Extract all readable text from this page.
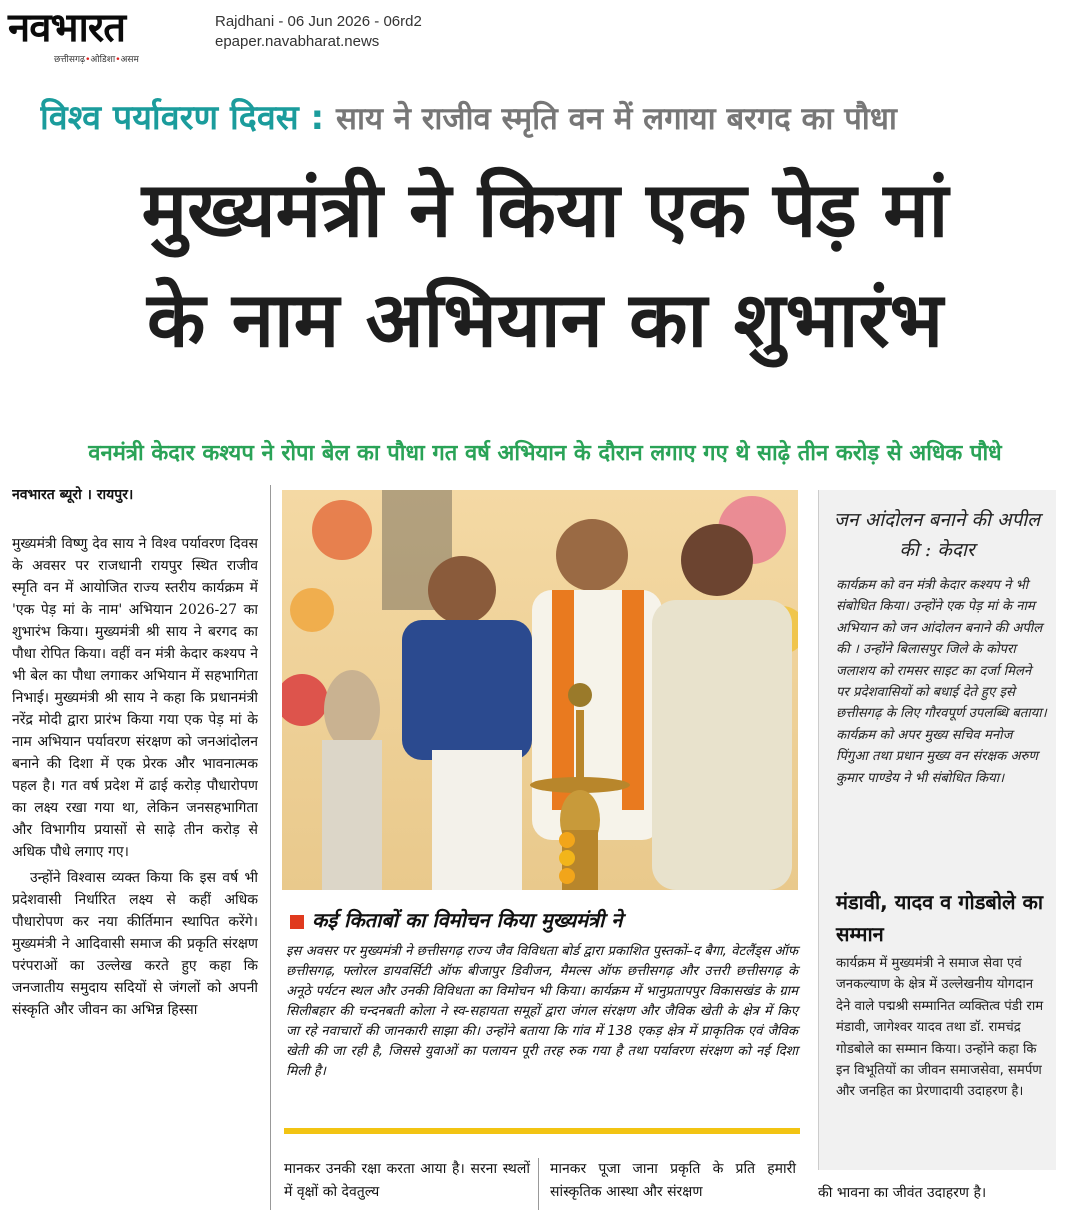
नवभारत
छत्तीसगढ़•ओडिशा•असम
Rajdhani - 06 Jun 2026 - 06rd2
epaper.navabharat.news
विश्व पर्यावरण दिवस : साय ने राजीव स्मृति वन में लगाया बरगद का पौधा
मुख्यमंत्री ने किया एक पेड़ मां
के नाम अभियान का शुभारंभ
वनमंत्री केदार कश्यप ने रोपा बेल का पौधा गत वर्ष अभियान के दौरान लगाए गए थे साढ़े तीन करोड़ से अधिक पौधे
नवभारत ब्यूरो । रायपुर।

मुख्यमंत्री विष्णु देव साय ने विश्व पर्यावरण दिवस के अवसर पर राजधानी रायपुर स्थित राजीव स्मृति वन में आयोजित राज्य स्तरीय कार्यक्रम में 'एक पेड़ मां के नाम' अभियान 2026-27 का शुभारंभ किया। मुख्यमंत्री श्री साय ने बरगद का पौधा रोपित किया। वहीं वन मंत्री केदार कश्यप ने भी बेल का पौधा लगाकर अभियान में सहभागिता निभाई। मुख्यमंत्री श्री साय ने कहा कि प्रधानमंत्री नरेंद्र मोदी द्वारा प्रारंभ किया गया एक पेड़ मां के नाम अभियान पर्यावरण संरक्षण को जनआंदोलन बनाने की दिशा में एक प्रेरक और भावनात्मक पहल है। गत वर्ष प्रदेश में ढाई करोड़ पौधारोपण का लक्ष्य रखा गया था, लेकिन जनसहभागिता और विभागीय प्रयासों से साढ़े तीन करोड़ से अधिक पौधे लगाए गए।

उन्होंने विश्वास व्यक्त किया कि इस वर्ष भी प्रदेशवासी निर्धारित लक्ष्य से कहीं अधिक पौधारोपण कर नया कीर्तिमान स्थापित करेंगे। मुख्यमंत्री ने आदिवासी समाज की प्रकृति संरक्षण परंपराओं का उल्लेख करते हुए कहा कि जनजातीय समुदाय सदियों से जंगलों को अपनी संस्कृति और जीवन का अभिन्न हिस्सा

कई किताबों का विमोचन किया मुख्यमंत्री ने
इस अवसर पर मुख्यमंत्री ने छत्तीसगढ़ राज्य जैव विविधता बोर्ड द्वारा प्रकाशित पुस्तकों–द बैगा, वेटलैंड्स ऑफ छत्तीसगढ़, फ्लोरल डायवर्सिटी ऑफ बीजापुर डिवीजन, मैमल्स ऑफ छत्तीसगढ़ और उत्तरी छत्तीसगढ़ के अनूठे पर्यटन स्थल और उनकी विविधता का विमोचन भी किया। कार्यक्रम में भानुप्रतापपुर विकासखंड के ग्राम सिलीबहार की चन्दनबती कोला ने स्व-सहायता समूहों द्वारा जंगल संरक्षण और जैविक खेती के क्षेत्र में किए जा रहे नवाचारों की जानकारी साझा की। उन्होंने बताया कि गांव में 138 एकड़ क्षेत्र में प्राकृतिक एवं जैविक खेती की जा रही है, जिससे युवाओं का पलायन पूरी तरह रुक गया है तथा पर्यावरण संरक्षण को नई दिशा मिली है।
मानकर उनकी रक्षा करता आया है। सरना स्थलों में वृक्षों को देवतुल्य
मानकर पूजा जाना प्रकृति के प्रति हमारी सांस्कृतिक आस्था और संरक्षण	की भावना का जीवंत उदाहरण है।
जन आंदोलन बनाने की अपील की : केदार
कार्यक्रम को वन मंत्री केदार कश्यप ने भी संबोधित किया। उन्होंने एक पेड़ मां के नाम अभियान को जन आंदोलन बनाने की अपील की । उन्होंने बिलासपुर जिले के कोपरा जलाशय को रामसर साइट का दर्जा मिलने पर प्रदेशवासियों को बधाई देते हुए इसे छत्तीसगढ़ के लिए गौरवपूर्ण उपलब्धि बताया। कार्यक्रम को अपर मुख्य सचिव मनोज पिंगुआ तथा प्रधान मुख्य वन संरक्षक अरुण कुमार पाण्डेय ने भी संबोधित किया।
मंडावी, यादव व गोडबोले का सम्मान
कार्यक्रम में मुख्यमंत्री ने समाज सेवा एवं जनकल्याण के क्षेत्र में उल्लेखनीय योगदान देने वाले पद्मश्री सम्मानित व्यक्तित्व पंडी राम मंडावी, जागेश्वर यादव तथा डॉ. रामचंद्र गोडबोले का सम्मान किया। उन्होंने कहा कि इन विभूतियों का जीवन समाजसेवा, समर्पण और जनहित का प्रेरणादायी उदाहरण है।
